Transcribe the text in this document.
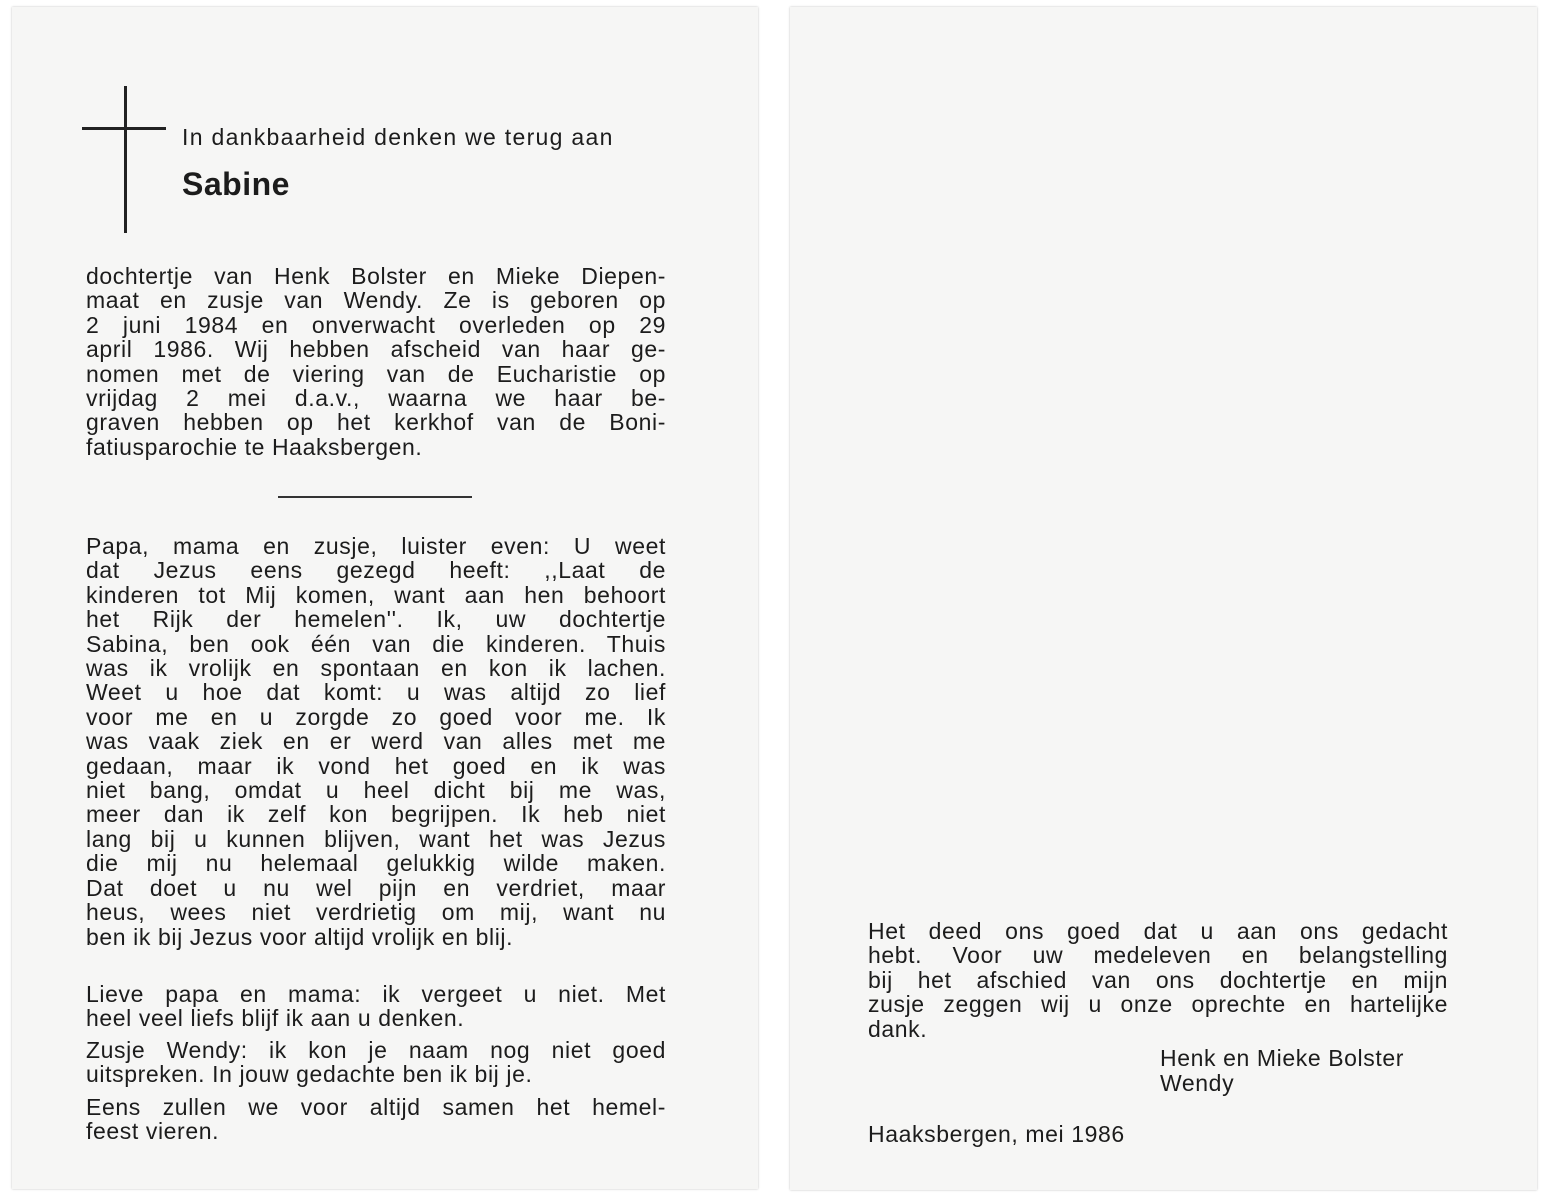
In dankbaarheid denken we terug aan
Sabine

dochtertje van Henk Bolster en Mieke Diepen-
maat en zusje van Wendy. Ze is geboren op
2 juni 1984 en onverwacht overleden op 29
april 1986. Wij hebben afscheid van haar ge-
nomen met de viering van de Eucharistie op
vrijdag 2 mei d.a.v., waarna we haar be-
graven hebben op het kerkhof van de Boni-
fatiusparochie te Haaksbergen.

Papa, mama en zusje, luister even: U weet
dat Jezus eens gezegd heeft: ,,Laat de
kinderen tot Mij komen, want aan hen behoort
het Rijk der hemelen''. Ik, uw dochtertje
Sabina, ben ook één van die kinderen. Thuis
was ik vrolijk en spontaan en kon ik lachen.
Weet u hoe dat komt: u was altijd zo lief
voor me en u zorgde zo goed voor me. Ik
was vaak ziek en er werd van alles met me
gedaan, maar ik vond het goed en ik was
niet bang, omdat u heel dicht bij me was,
meer dan ik zelf kon begrijpen. Ik heb niet
lang bij u kunnen blijven, want het was Jezus
die mij nu helemaal gelukkig wilde maken.
Dat doet u nu wel pijn en verdriet, maar
heus, wees niet verdrietig om mij, want nu
ben ik bij Jezus voor altijd vrolijk en blij.

Lieve papa en mama: ik vergeet u niet. Met
heel veel liefs blijf ik aan u denken.

Zusje Wendy: ik kon je naam nog niet goed
uitspreken. In jouw gedachte ben ik bij je.

Eens zullen we voor altijd samen het hemel-
feest vieren.

Het deed ons goed dat u aan ons gedacht
hebt. Voor uw medeleven en belangstelling
bij het afschied van ons dochtertje en mijn
zusje zeggen wij u onze oprechte en hartelijke
dank.

Henk en Mieke Bolster
Wendy
Haaksbergen, mei 1986
